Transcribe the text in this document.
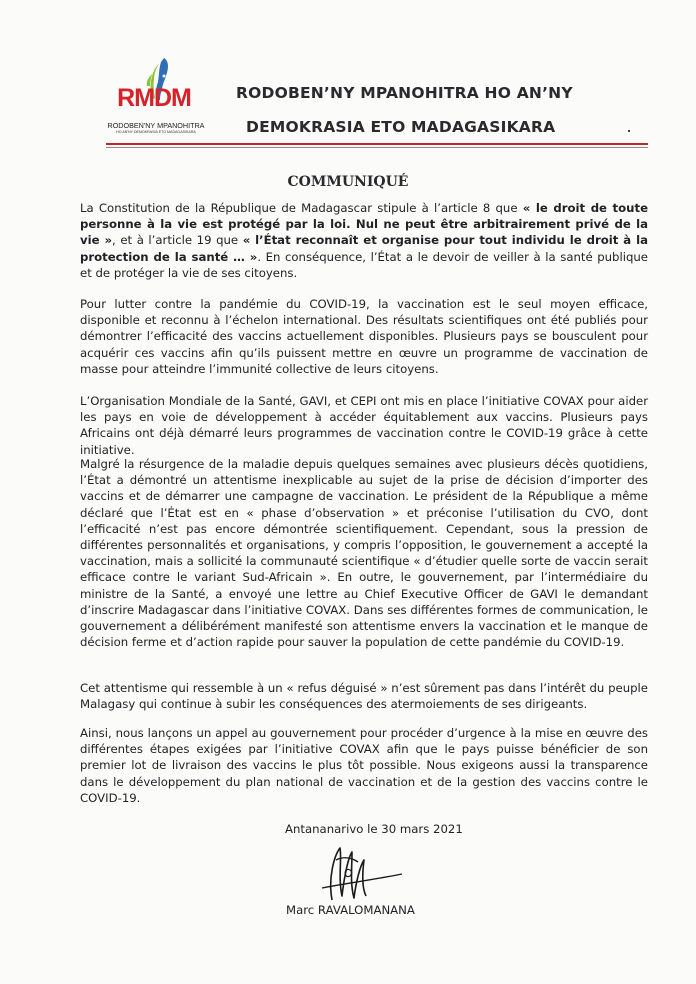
RMDM
RODOBEN'NY MPANOHITRA
HO AN'NY DEMOKRASIA ETO MADAGASIKARA
RODOBEN’NY MPANOHITRA HO AN’NY
DEMOKRASIA ETO MADAGASIKARA
COMMUNIQUÉ

La Constitution de la République de Madagascar stipule à l’article 8 que « le droit de toute personne à la vie est protégé par la loi. Nul ne peut être arbitrairement privé de la vie », et à l’article 19 que « l’État reconnaît et organise pour tout individu le droit à la protection de la santé … ». En conséquence, l’État a le devoir de veiller à la santé publique et de protéger la vie de ses citoyens.

Pour lutter contre la pandémie du COVID-19, la vaccination est le seul moyen efficace, disponible et reconnu à l’échelon international. Des résultats scientifiques ont été publiés pour démontrer l’efficacité des vaccins actuellement disponibles. Plusieurs pays se bousculent pour acquérir ces vaccins afin qu’ils puissent mettre en œuvre un programme de vaccination de masse pour atteindre l’immunité collective de leurs citoyens.

L’Organisation Mondiale de la Santé, GAVI, et CEPI ont mis en place l’initiative COVAX pour aider les pays en voie de développement à accéder équitablement aux vaccins. Plusieurs pays Africains ont déjà démarré leurs programmes de vaccination contre le COVID-19 grâce à cette initiative.

Malgré la résurgence de la maladie depuis quelques semaines avec plusieurs décès quotidiens, l’État a démontré un attentisme inexplicable au sujet de la prise de décision d’importer des vaccins et de démarrer une campagne de vaccination. Le président de la République a même déclaré que l’État est en « phase d’observation » et préconise l’utilisation du CVO, dont l’efficacité n’est pas encore démontrée scientifiquement. Cependant, sous la pression de différentes personnalités et organisations, y compris l’opposition, le gouvernement a accepté la vaccination, mais a sollicité la communauté scientifique « d’étudier quelle sorte de vaccin serait efficace contre le variant Sud-Africain ». En outre, le gouvernement, par l’intermédiaire du ministre de la Santé, a envoyé une lettre au Chief Executive Officer de GAVI le demandant d’inscrire Madagascar dans l’initiative COVAX. Dans ses différentes formes de communication, le gouvernement a délibérément manifesté son attentisme envers la vaccination et le manque de décision ferme et d’action rapide pour sauver la population de cette pandémie du COVID-19.

Cet attentisme qui ressemble à un « refus déguisé » n’est sûrement pas dans l’intérêt du peuple Malagasy qui continue à subir les conséquences des atermoiements de ses dirigeants.

Ainsi, nous lançons un appel au gouvernement pour procéder d’urgence à la mise en œuvre des différentes étapes exigées par l’initiative COVAX afin que le pays puisse bénéficier de son premier lot de livraison des vaccins le plus tôt possible. Nous exigeons aussi la transparence dans le développement du plan national de vaccination et de la gestion des vaccins contre le COVID-19.

Antananarivo le 30 mars 2021
Marc RAVALOMANANA
